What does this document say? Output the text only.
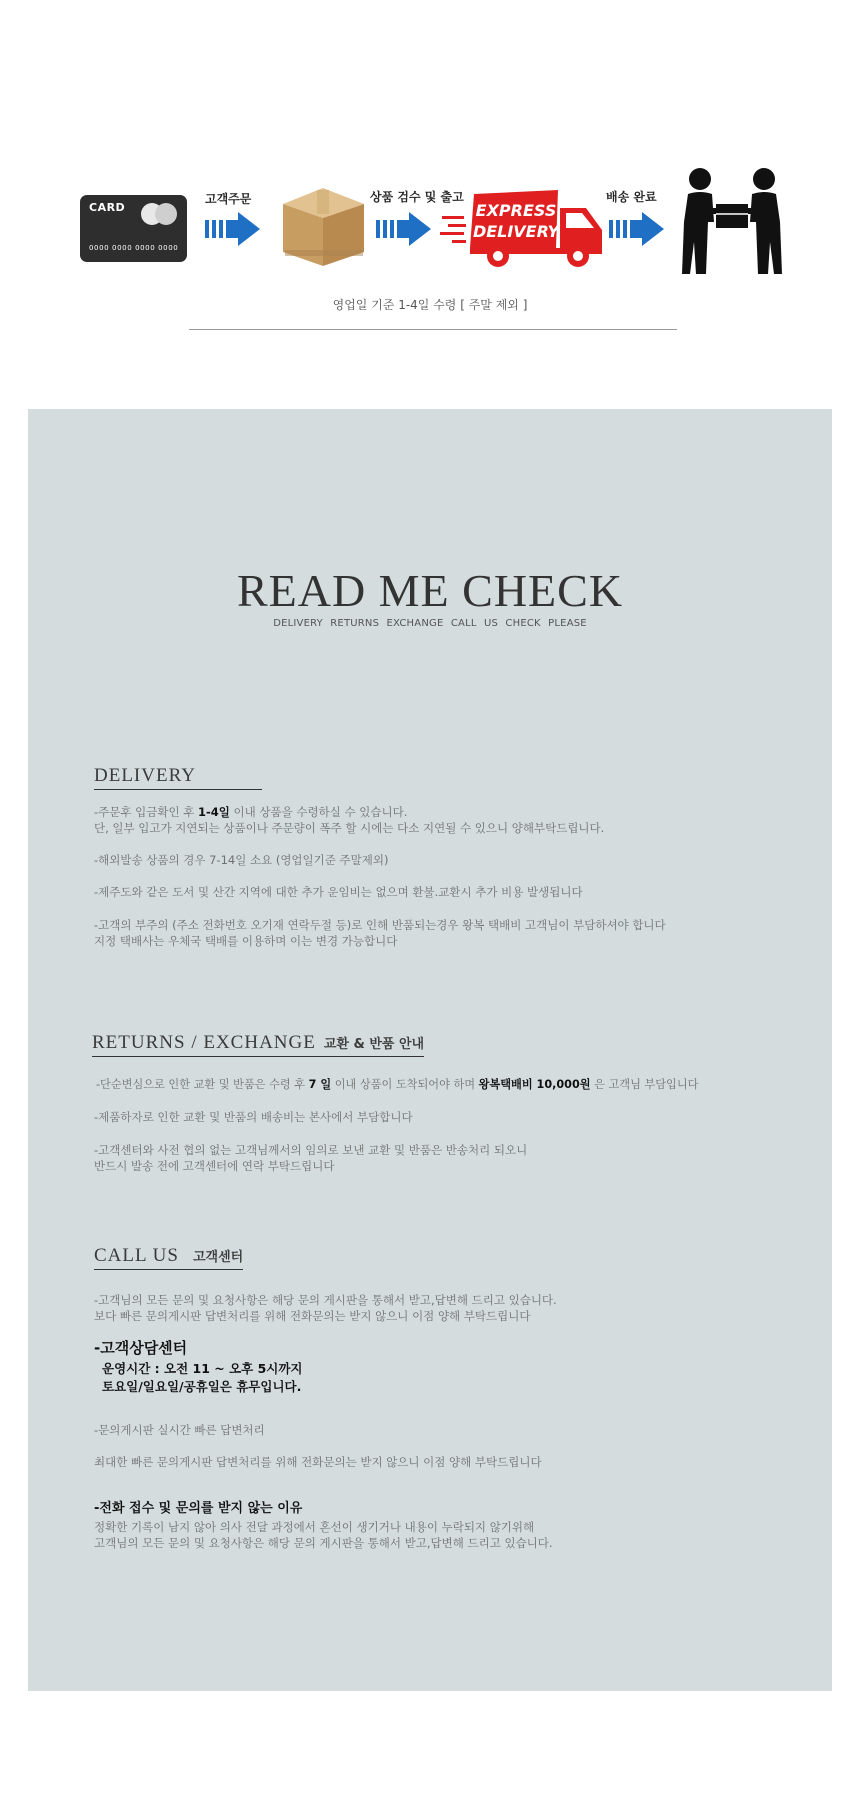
CARD
0000 0000 0000 0000
고객주문	상품 검수 및 출고
EXPRESS
DELIVERY
배송 완료
영업일 기준 1-4일 수령 [ 주말 제외 ]
READ ME CHECK
DELIVERY RETURNS EXCHANGE CALL US CHECK PLEASE
DELIVERY
-주문후 입금확인 후 1-4일 이내 상품을 수령하실 수 있습니다.
단, 일부 입고가 지연되는 상품이나 주문량이 폭주 할 시에는 다소 지연될 수 있으니 양해부탁드립니다.
-해외발송 상품의 경우 7-14일 소요 (영업일기준 주말제외)
-제주도와 같은 도서 및 산간 지역에 대한 추가 운임비는 없으며 환불.교환시 추가 비용 발생됩니다
-고객의 부주의 (주소 전화번호 오기재 연락두절 등)로 인해 반품되는경우 왕복 택배비 고객님이 부담하셔야 합니다
지정 택배사는 우체국 택배를 이용하며 이는 변경 가능합니다
RETURNS / EXCHANGE 교환 & 반품 안내
-단순변심으로 인한 교환 및 반품은 수령 후 7 일 이내 상품이 도착되어야 하며 왕복택배비 10,000원 은 고객님 부담입니다
-제품하자로 인한 교환 및 반품의 배송비는 본사에서 부담합니다
-고객센터와 사전 협의 없는 고객님께서의 임의로 보낸 교환 및 반품은 반송처리 되오니
반드시 발송 전에 고객센터에 연락 부탁드립니다
CALL US 고객센터
-고객님의 모든 문의 및 요청사항은 해당 문의 게시판을 통해서 받고,답변해 드리고 있습니다.
보다 빠른 문의게시판 답변처리를 위해 전화문의는 받지 않으니 이점 양해 부탁드립니다
-고객상담센터
운영시간 : 오전 11 ~ 오후 5시까지
토요일/일요일/공휴일은 휴무입니다.
-문의게시판 실시간 빠른 답변처리
최대한 빠른 문의게시판 답변처리를 위해 전화문의는 받지 않으니 이점 양해 부탁드립니다
-전화 접수 및 문의를 받지 않는 이유
정확한 기록이 남지 않아 의사 전달 과정에서 혼선이 생기거나 내용이 누락되지 않기위해
고객님의 모든 문의 및 요청사항은 해당 문의 게시판을 통해서 받고,답변해 드리고 있습니다.
